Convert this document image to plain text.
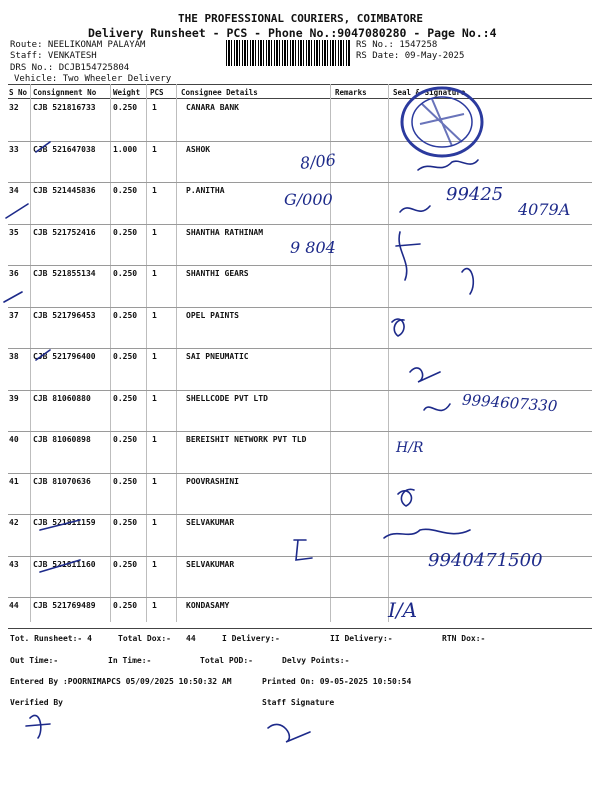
THE PROFESSIONAL COURIERS, COIMBATORE
Delivery Runsheet - PCS - Phone No.:9047080280 - Page No.:4
Route: NEELIKONAM PALAYAM
Staff: VENKATESH
DRS No.: DCJB154725804
Vehicle: Two Wheeler Delivery
RS No.: 1547258
RS Date: 09-May-2025
S No Consignment No Weight PCS Consignee Details	Remarks	Seal & Signature
32 CJB 521816733 0.250 1	CANARA BANK
33 CJB 521647038 1.000 1	ASHOK
34 CJB 521445836 0.250 1	P.ANITHA
35 CJB 521752416 0.250 1	SHANTHA RATHINAM
36 CJB 521855134 0.250 1	SHANTHI GEARS
37 CJB 521796453 0.250 1	OPEL PAINTS
38 CJB 521796400 0.250 1	SAI PNEUMATIC
39 CJB 81060880	0.250 1	SHELLCODE PVT LTD
40 CJB 81060898	0.250 1	BEREISHIT NETWORK PVT TLD
41 CJB 81070636	0.250 1	POOVRASHINI
42 CJB 521811159 0.250 1	SELVAKUMAR
43 CJB 521811160 0.250 1	SELVAKUMAR
44 CJB 521769489 0.250 1	KONDASAMY
8/06
G/000	99425
4079A
9 804
9994607330
H/R
9940471500
I/A
Tot. Runsheet:- 4	Total Dox:- 44	I Delivery:-	II Delivery:-	RTN Dox:-
Out Time:-	In Time:-	Total POD:-	Delvy Points:-
Entered By :POORNIMAPCS 05/09/2025 10:50:32 AM	Printed On: 09-05-2025 10:50:54
Verified By	Staff Signature
